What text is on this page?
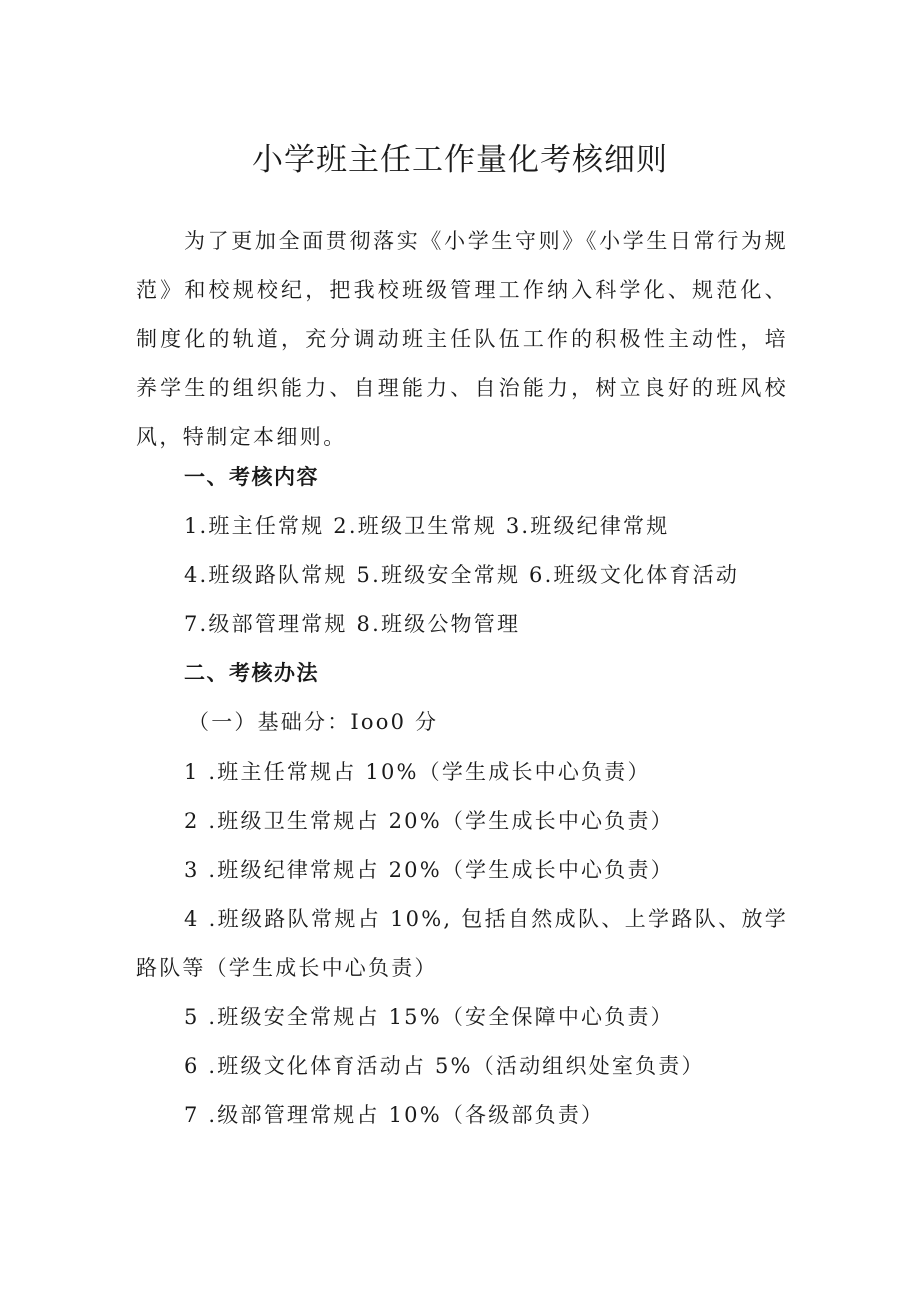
小学班主任工作量化考核细则

为了更加全面贯彻落实《小学生守则》《小学生日常行为规范》和校规校纪，把我校班级管理工作纳入科学化、规范化、制度化的轨道，充分调动班主任队伍工作的积极性主动性，培养学生的组织能力、自理能力、自治能力，树立良好的班风校风，特制定本细则。

一、考核内容
1.班主任常规 2.班级卫生常规 3.班级纪律常规
4.班级路队常规 5.班级安全常规 6.班级文化体育活动
7.级部管理常规 8.班级公物管理
二、考核办法
（一）基础分：Ioo0 分
1 .班主任常规占 10%（学生成长中心负责）
2 .班级卫生常规占 20%（学生成长中心负责）
3 .班级纪律常规占 20%（学生成长中心负责）

4 .班级路队常规占 10%, 包括自然成队、上学路队、放学路队等（学生成长中心负责）

5 .班级安全常规占 15%（安全保障中心负责）
6 .班级文化体育活动占 5%（活动组织处室负责）
7 .级部管理常规占 10%（各级部负责）
